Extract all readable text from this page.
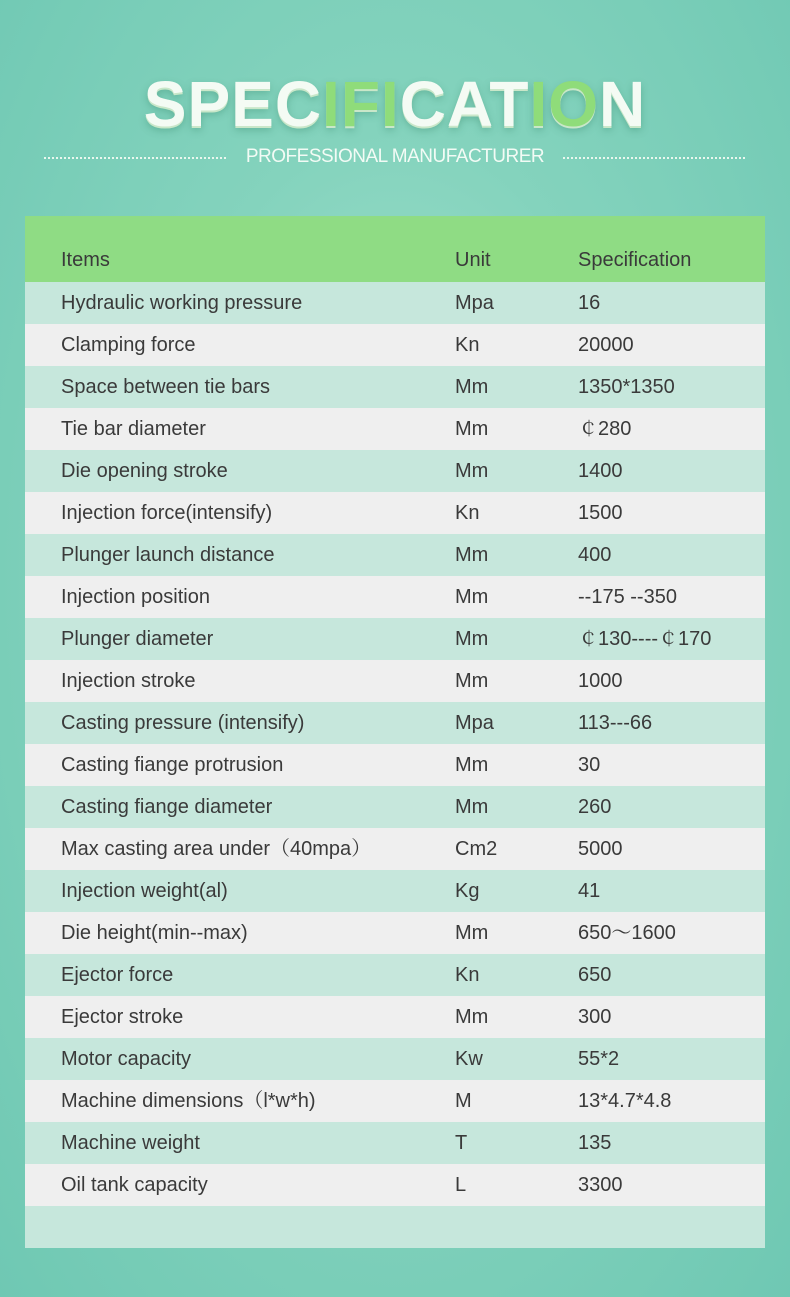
SPECIFICATION
PROFESSIONAL MANUFACTURER
Items	Unit	Specification
Hydraulic working pressure	Mpa	16
Clamping force	Kn	20000
Space between tie bars	Mm	1350*1350
Tie bar diameter	Mm	￠280
Die opening stroke	Mm	1400
Injection force(intensify)	Kn	1500
Plunger launch distance	Mm	400
Injection position	Mm	--175 --350
Plunger diameter	Mm	￠130----￠170
Injection stroke	Mm	1000
Casting pressure (intensify)	Mpa	113---66
Casting fiange protrusion	Mm	30
Casting fiange diameter	Mm	260
Max casting area under（40mpa）	Cm2	5000
Injection weight(al)	Kg	41
Die height(min--max)	Mm	650～1600
Ejector force	Kn	650
Ejector stroke	Mm	300
Motor capacity	Kw	55*2
Machine dimensions（l*w*h)	M	13*4.7*4.8
Machine weight	T	135
Oil tank capacity	L	3300
